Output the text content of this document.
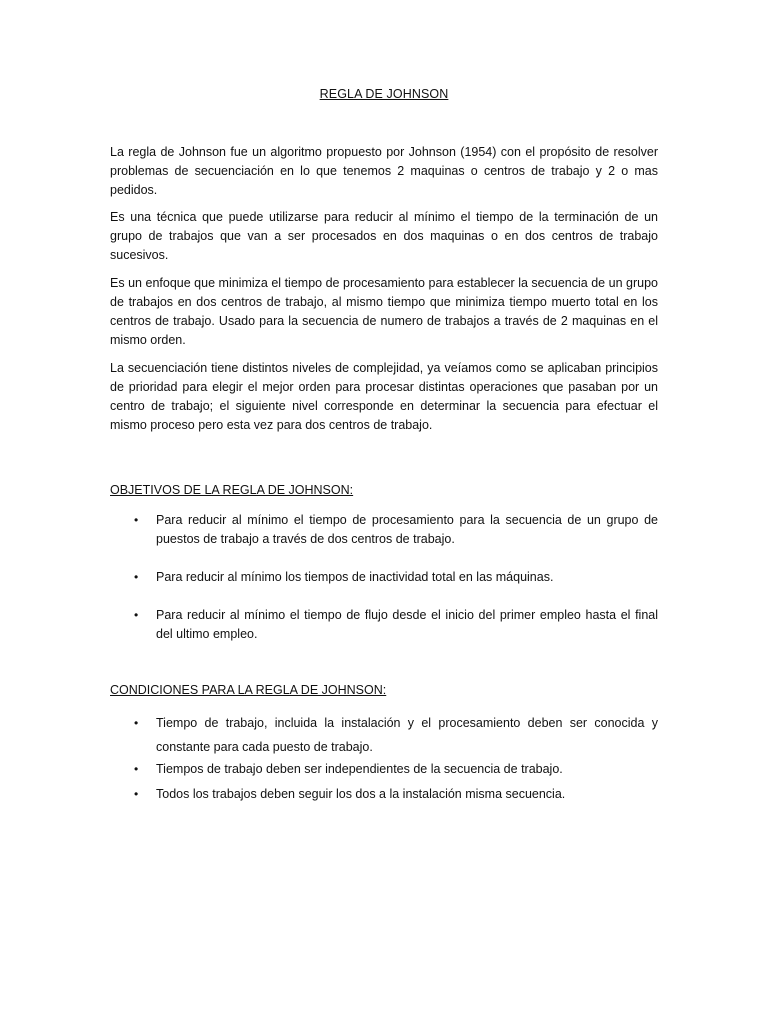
REGLA DE JOHNSON

La regla de Johnson fue un algoritmo propuesto por Johnson (1954) con el propósito de resolver problemas de secuenciación en lo que tenemos 2 maquinas o centros de trabajo y 2 o mas pedidos.

Es una técnica que puede utilizarse para reducir al mínimo el tiempo de la terminación de un grupo de trabajos que van a ser procesados en dos maquinas o en dos centros de trabajo sucesivos.

Es un enfoque que minimiza el tiempo de procesamiento para establecer la secuencia de un grupo de trabajos en dos centros de trabajo, al mismo tiempo que minimiza tiempo muerto total en los centros de trabajo. Usado para la secuencia de numero de trabajos a través de 2 maquinas en el mismo orden.

La secuenciación tiene distintos niveles de complejidad, ya veíamos como se aplicaban principios de prioridad para elegir el mejor orden para procesar distintas operaciones que pasaban por un centro de trabajo; el siguiente nivel corresponde en determinar la secuencia para efectuar el mismo proceso pero esta vez para dos centros de trabajo.

OBJETIVOS DE LA REGLA DE JOHNSON:

• Para reducir al mínimo el tiempo de procesamiento para la secuencia de un grupo de puestos de trabajo a través de dos centros de trabajo.
• Para reducir al mínimo los tiempos de inactividad total en las máquinas.
• Para reducir al mínimo el tiempo de flujo desde el inicio del primer empleo hasta el final del ultimo empleo.

CONDICIONES PARA LA REGLA DE JOHNSON:

• Tiempo de trabajo, incluida la instalación y el procesamiento deben ser conocida y constante para cada puesto de trabajo.
• Tiempos de trabajo deben ser independientes de la secuencia de trabajo.
• Todos los trabajos deben seguir los dos a la instalación misma secuencia.
